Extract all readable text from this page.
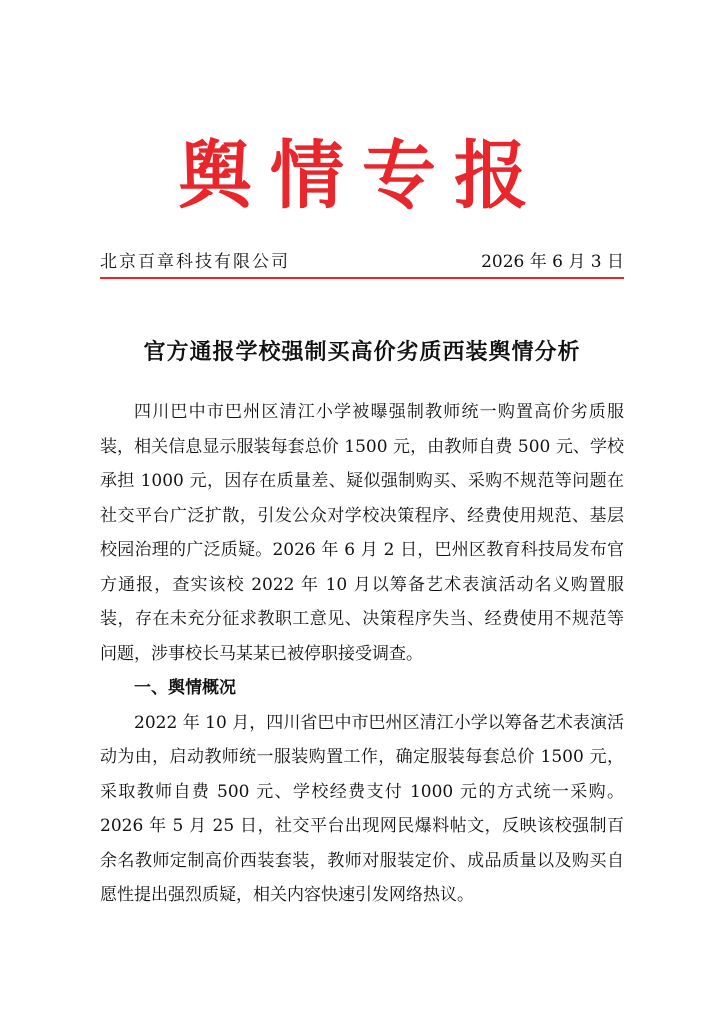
舆情专报
北京百章科技有限公司	2026 年 6 月 3 日
官方通报学校强制买高价劣质西装舆情分析

四川巴中市巴州区清江小学被曝强制教师统一购置高价劣质服装，相关信息显示服装每套总价 1500 元，由教师自费 500 元、学校承担 1000 元，因存在质量差、疑似强制购买、采购不规范等问题在社交平台广泛扩散，引发公众对学校决策程序、经费使用规范、基层校园治理的广泛质疑。2026 年 6 月 2 日，巴州区教育科技局发布官方通报，查实该校 2022 年 10 月以筹备艺术表演活动名义购置服装，存在未充分征求教职工意见、决策程序失当、经费使用不规范等问题，涉事校长马某某已被停职接受调查。

一、舆情概况

2022 年 10 月，四川省巴中市巴州区清江小学以筹备艺术表演活动为由，启动教师统一服装购置工作，确定服装每套总价 1500 元，采取教师自费 500 元、学校经费支付 1000 元的方式统一采购。2026 年 5 月 25 日，社交平台出现网民爆料帖文，反映该校强制百余名教师定制高价西装套装，教师对服装定价、成品质量以及购买自愿性提出强烈质疑，相关内容快速引发网络热议。
